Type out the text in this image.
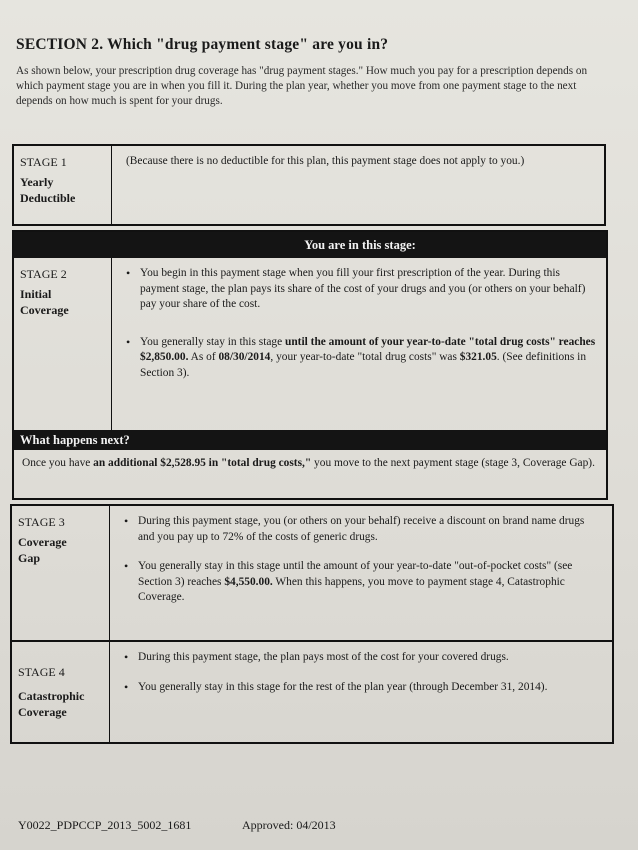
SECTION 2. Which "drug payment stage" are you in?
As shown below, your prescription drug coverage has "drug payment stages." How much you pay for a prescription depends on which payment stage you are in when you fill it. During the plan year, whether you move from one payment stage to the next depends on how much is spent for your drugs.
STAGE 1
Yearly
Deductible
(Because there is no deductible for this plan, this payment stage does not apply to you.)
You are in this stage:
STAGE 2
Initial
Coverage
• You begin in this payment stage when you fill your first prescription of the year. During this payment stage, the plan pays its share of the cost of your drugs and you (or others on your behalf) pay your share of the cost.
• You generally stay in this stage until the amount of your year-to-date "total drug costs" reaches $2,850.00. As of 08/30/2014, your year-to-date "total drug costs" was $321.05. (See definitions in Section 3).
What happens next?
Once you have an additional $2,528.95 in "total drug costs," you move to the next payment stage (stage 3, Coverage Gap).
STAGE 3
Coverage
Gap
• During this payment stage, you (or others on your behalf) receive a discount on brand name drugs and you pay up to 72% of the costs of generic drugs.
• You generally stay in this stage until the amount of your year-to-date "out-of-pocket costs" (see Section 3) reaches $4,550.00. When this happens, you move to payment stage 4, Catastrophic Coverage.
STAGE 4
Catastrophic
Coverage
• During this payment stage, the plan pays most of the cost for your covered drugs.
• You generally stay in this stage for the rest of the plan year (through December 31, 2014).
Y0022_PDPCCP_2013_5002_1681	Approved: 04/2013
